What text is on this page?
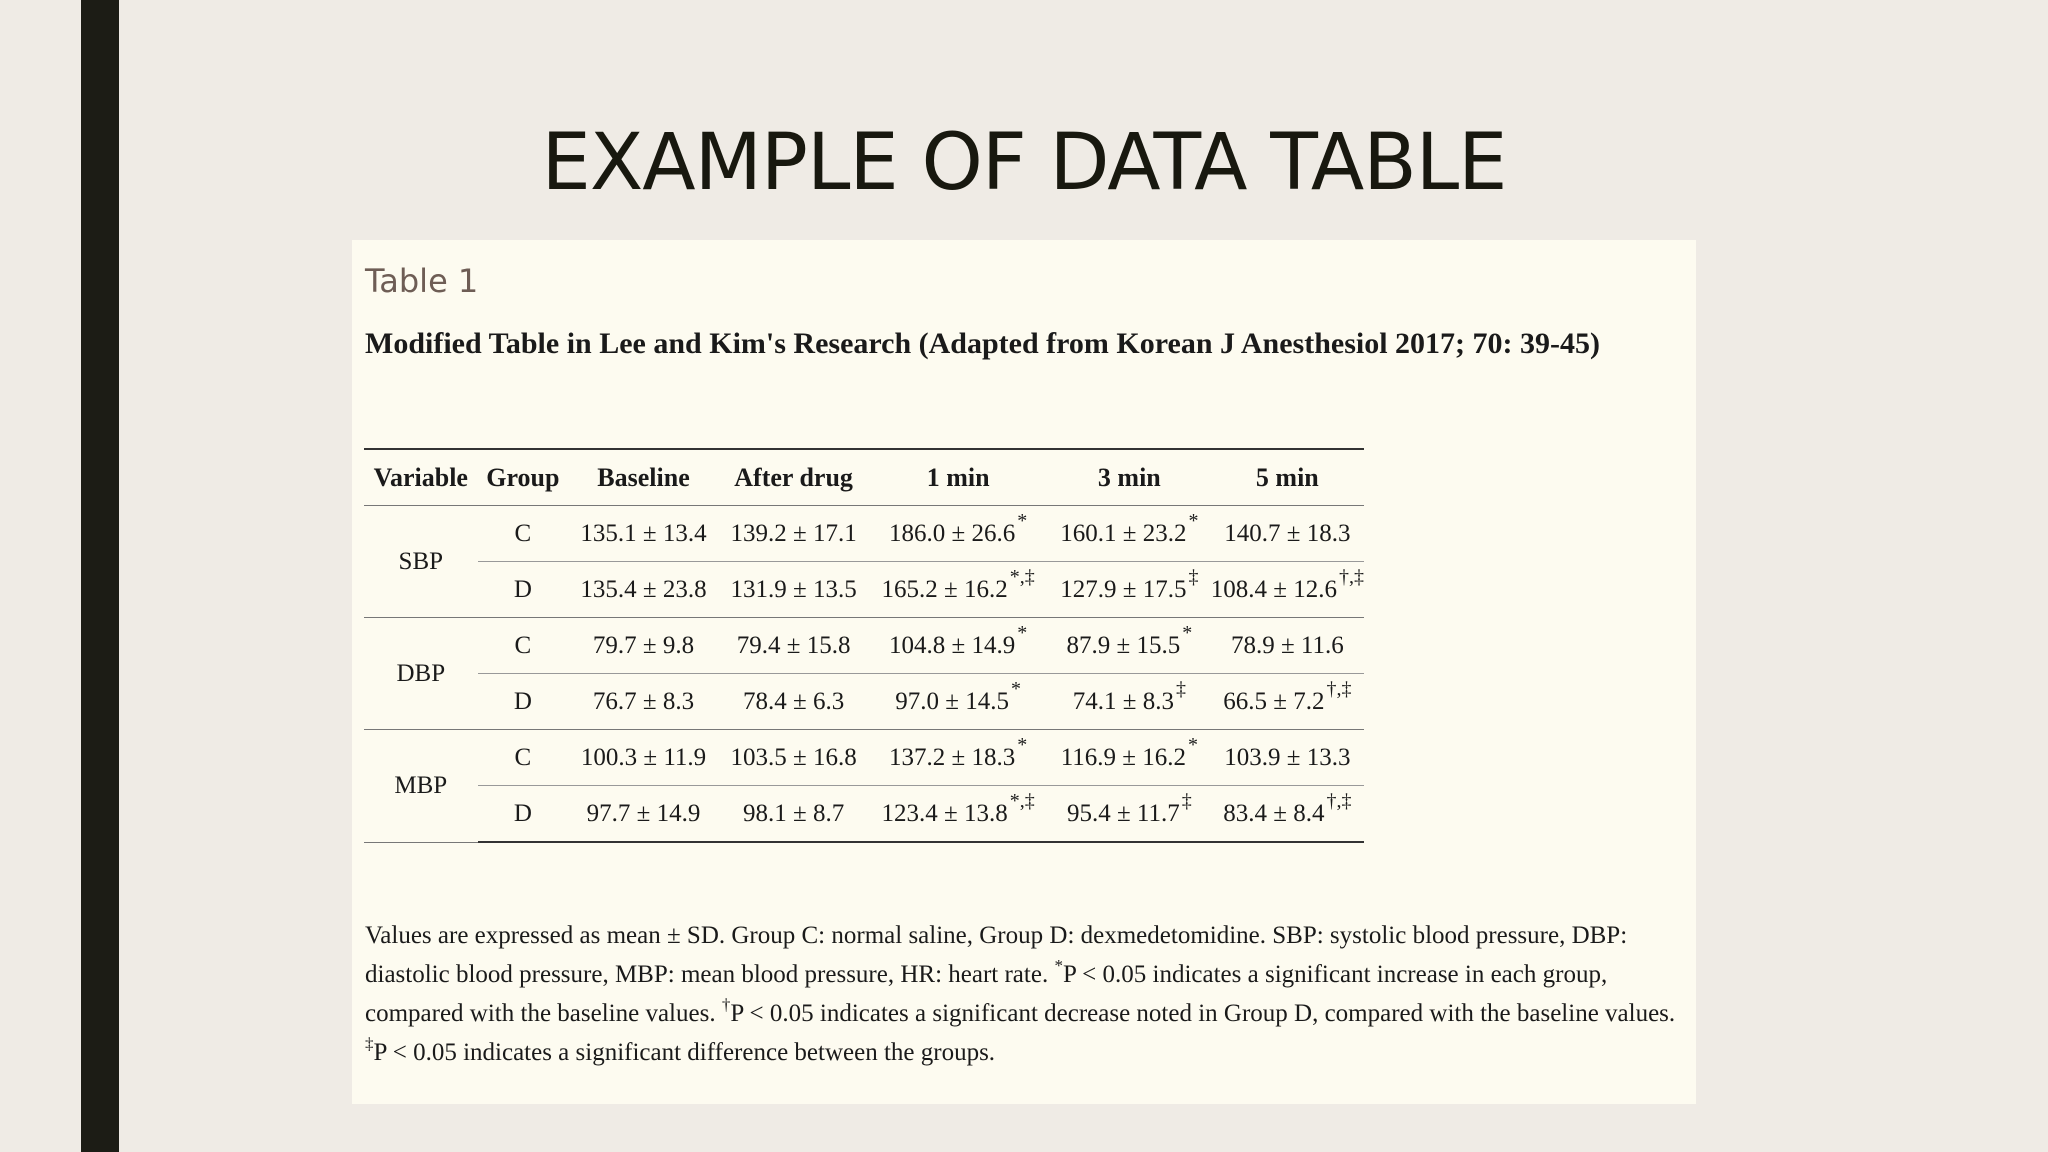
EXAMPLE OF DATA TABLE
Table 1

Modified Table in Lee and Kim's Research (Adapted from Korean J Anesthesiol 2017; 70: 39-45)

Variable	Group	Baseline	After drug	1 min	3 min	5 min
SBP	C	135.1 ± 13.4	139.2 ± 17.1	186.0 ± 26.6 *	160.1 ± 23.2 *	140.7 ± 18.3
	D	135.4 ± 23.8	131.9 ± 13.5	165.2 ± 16.2 *,‡	127.9 ± 17.5 ‡	108.4 ± 12.6 †,‡
DBP	C	79.7 ± 9.8	79.4 ± 15.8	104.8 ± 14.9 *	87.9 ± 15.5 *	78.9 ± 11.6
	D	76.7 ± 8.3	78.4 ± 6.3	97.0 ± 14.5 *	74.1 ± 8.3 ‡	66.5 ± 7.2 †,‡
MBP	C	100.3 ± 11.9	103.5 ± 16.8	137.2 ± 18.3 *	116.9 ± 16.2 *	103.9 ± 13.3
	D	97.7 ± 14.9	98.1 ± 8.7	123.4 ± 13.8 *,‡	95.4 ± 11.7 ‡	83.4 ± 8.4 †,‡

Values are expressed as mean ± SD. Group C: normal saline, Group D: dexmedetomidine. SBP: systolic blood pressure, DBP: diastolic blood pressure, MBP: mean blood pressure, HR: heart rate. *P < 0.05 indicates a significant increase in each group, compared with the baseline values. †P < 0.05 indicates a significant decrease noted in Group D, compared with the baseline values. ‡P < 0.05 indicates a significant difference between the groups.
